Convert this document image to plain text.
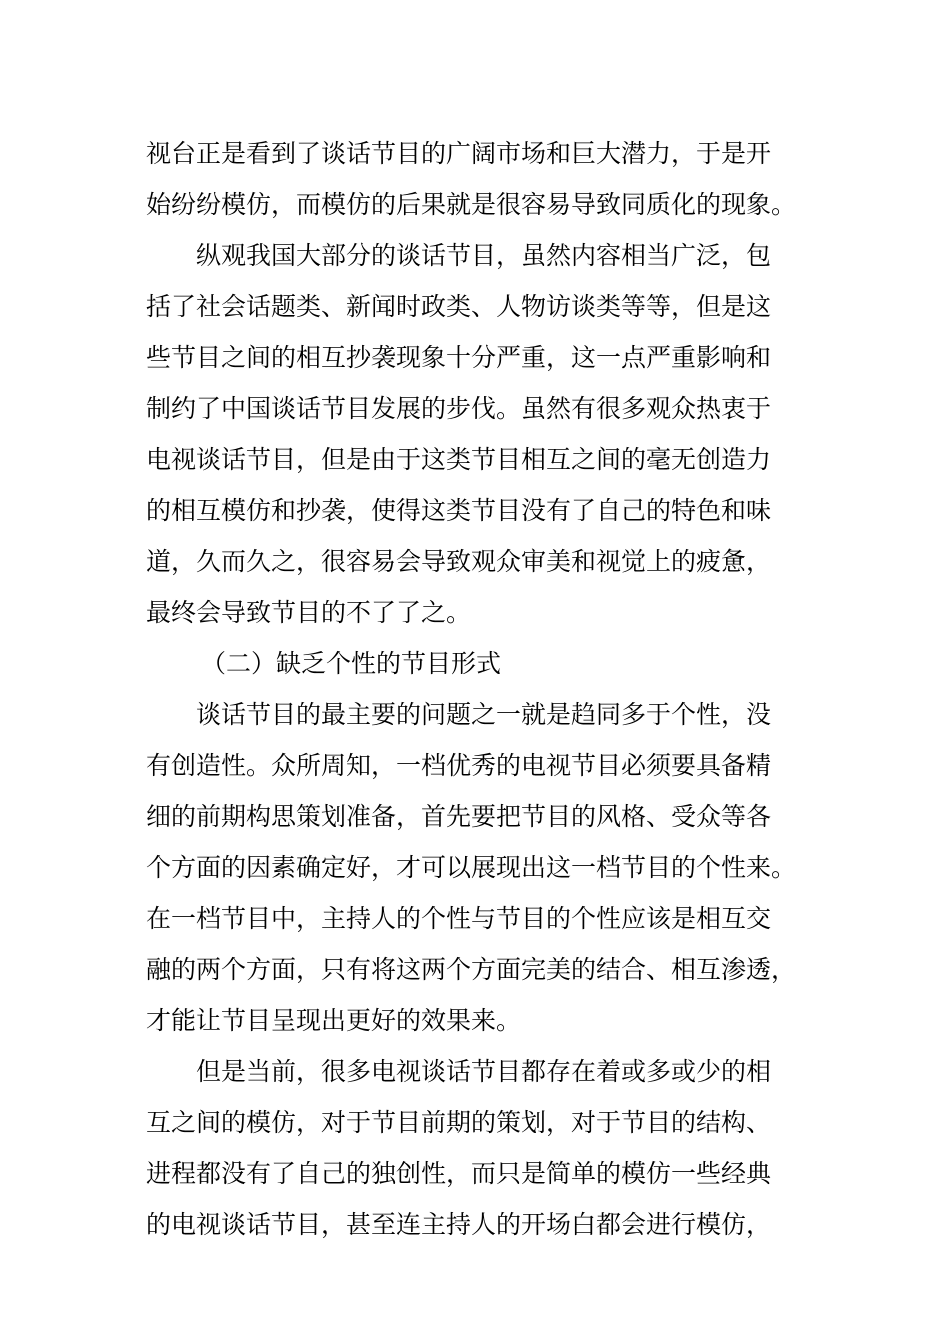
视台正是看到了谈话节目的广阔市场和巨大潜力，于是开
始纷纷模仿，而模仿的后果就是很容易导致同质化的现象。
纵观我国大部分的谈话节目，虽然内容相当广泛，包
括了社会话题类、新闻时政类、人物访谈类等等，但是这
些节目之间的相互抄袭现象十分严重，这一点严重影响和
制约了中国谈话节目发展的步伐。虽然有很多观众热衷于
电视谈话节目，但是由于这类节目相互之间的毫无创造力
的相互模仿和抄袭，使得这类节目没有了自己的特色和味
道，久而久之，很容易会导致观众审美和视觉上的疲惫，
最终会导致节目的不了了之。
（二）缺乏个性的节目形式
谈话节目的最主要的问题之一就是趋同多于个性，没
有创造性。众所周知，一档优秀的电视节目必须要具备精
细的前期构思策划准备，首先要把节目的风格、受众等各
个方面的因素确定好，才可以展现出这一档节目的个性来。
在一档节目中，主持人的个性与节目的个性应该是相互交
融的两个方面，只有将这两个方面完美的结合、相互渗透，
才能让节目呈现出更好的效果来。
但是当前，很多电视谈话节目都存在着或多或少的相
互之间的模仿，对于节目前期的策划，对于节目的结构、
进程都没有了自己的独创性，而只是简单的模仿一些经典
的电视谈话节目，甚至连主持人的开场白都会进行模仿，
